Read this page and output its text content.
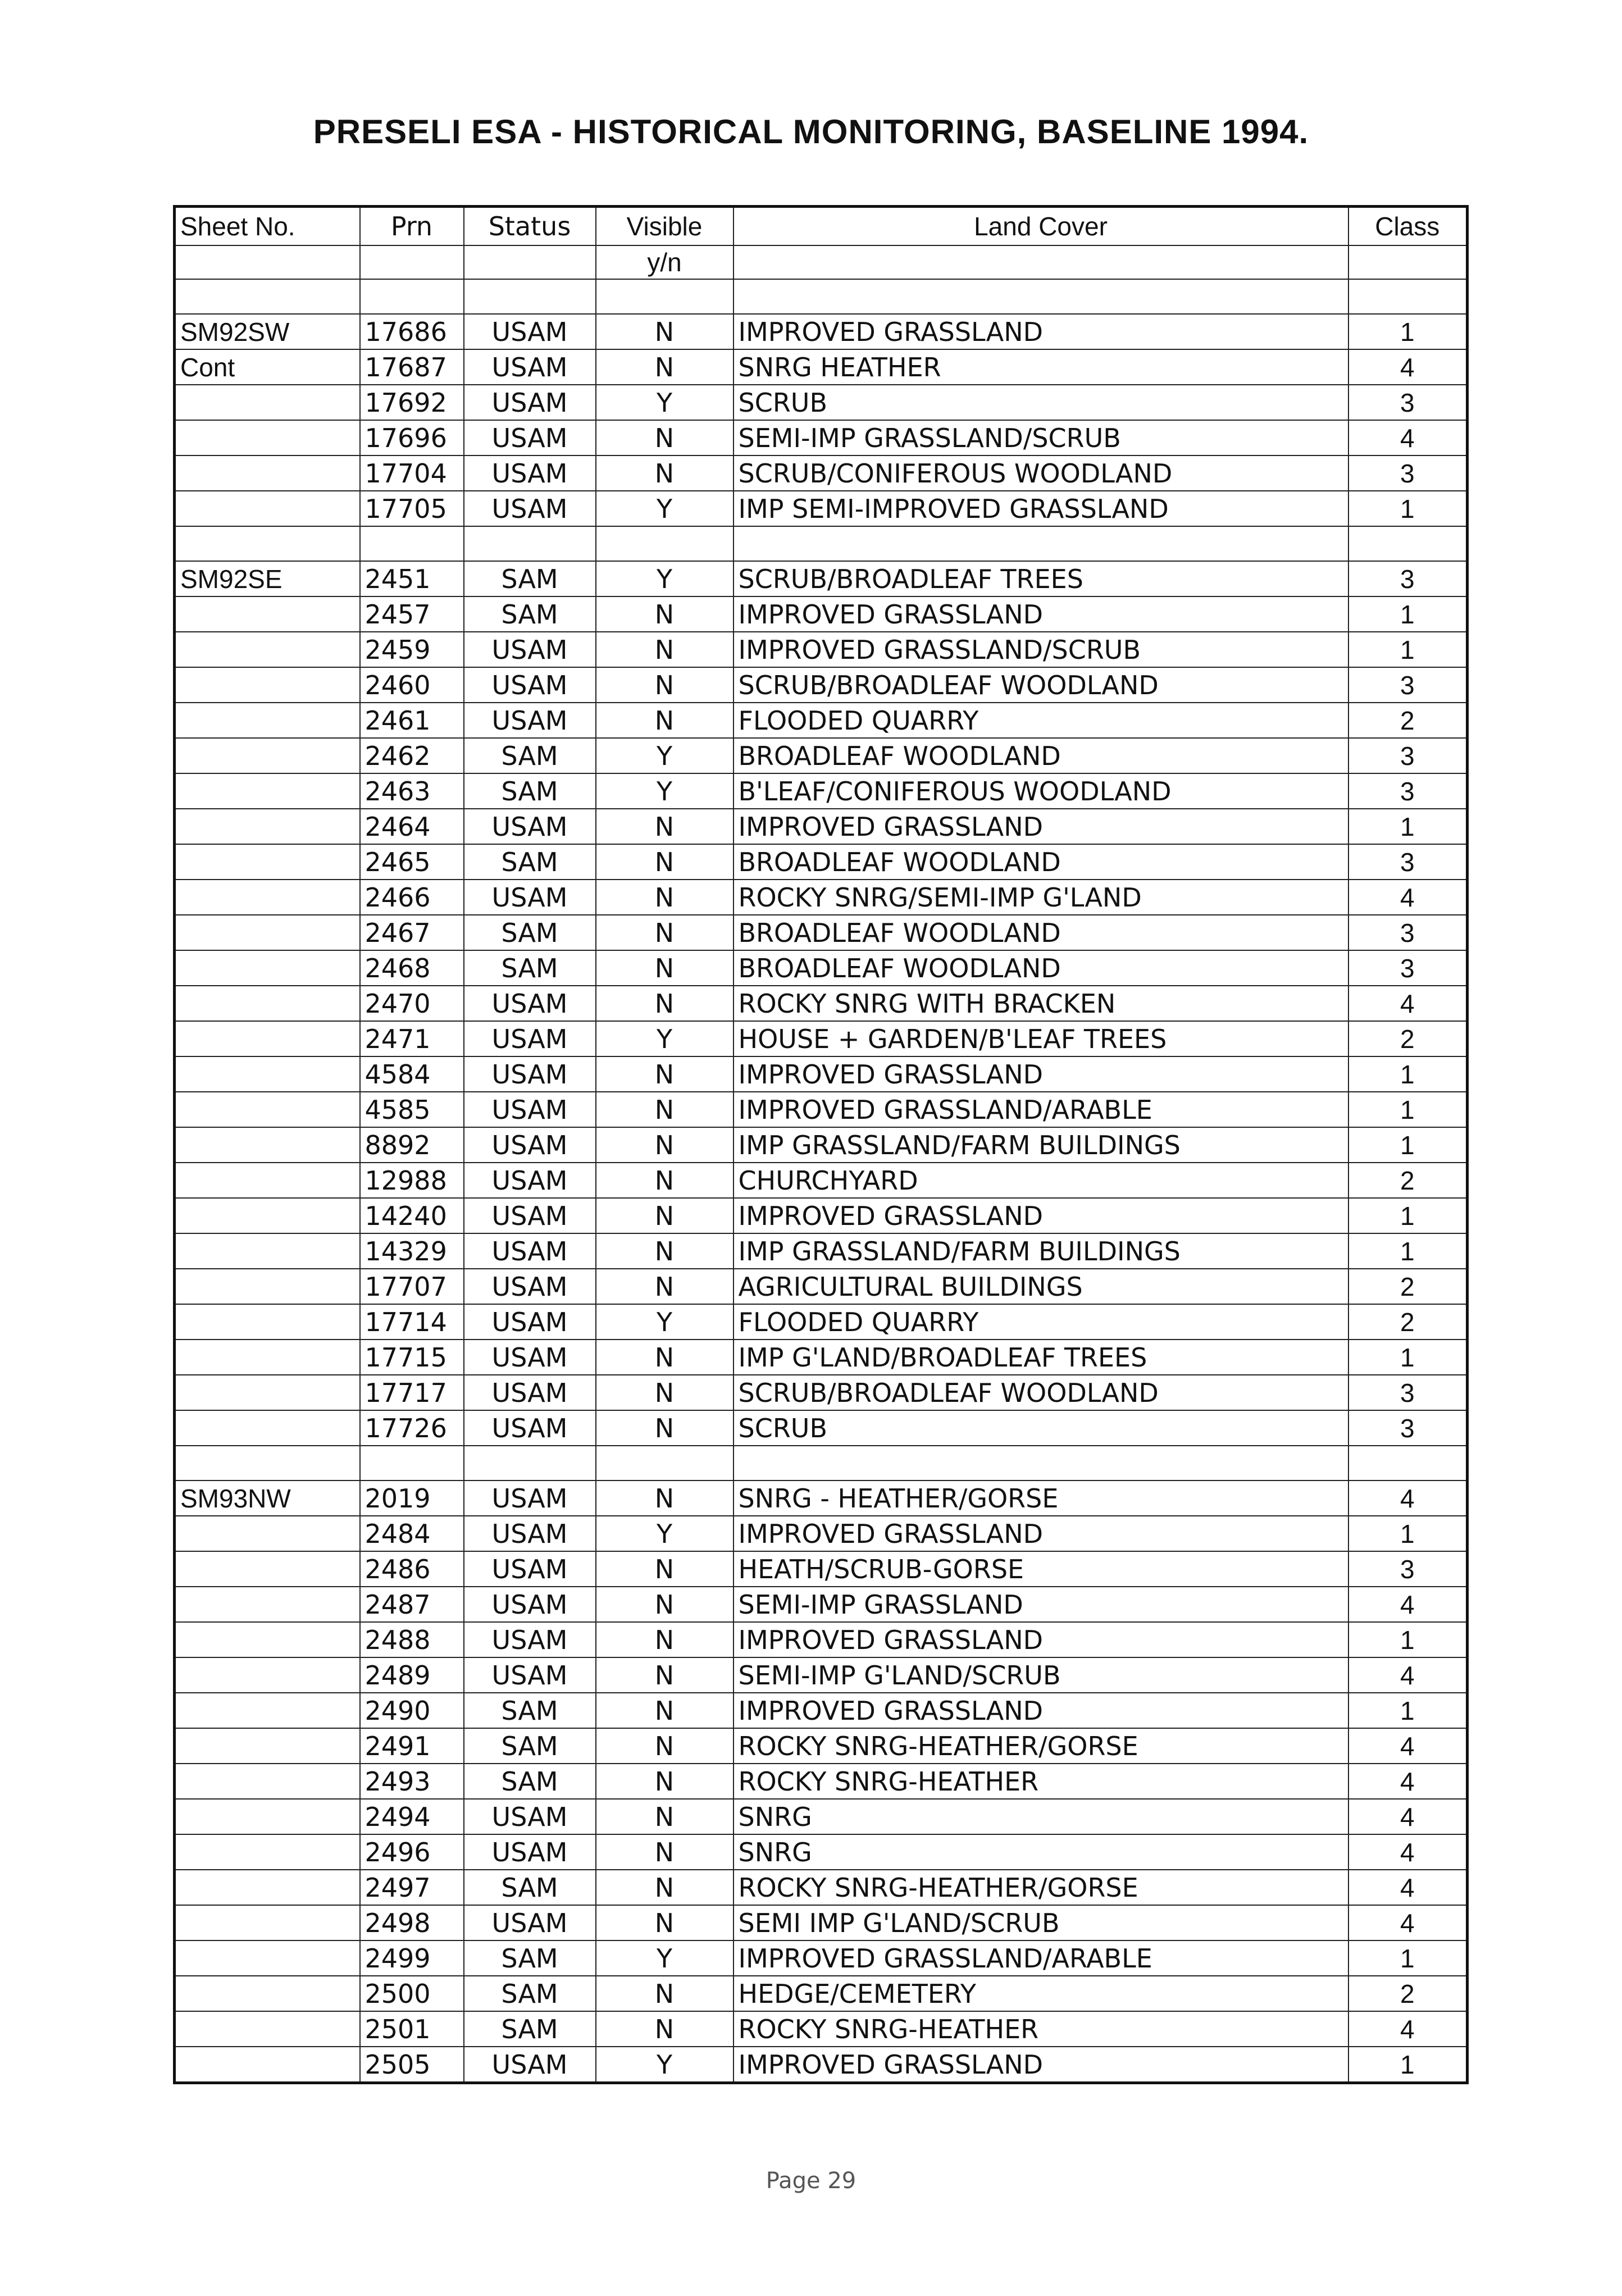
PRESELI ESA - HISTORICAL MONITORING, BASELINE 1994.
Sheet No.	Prn	Status	Visible	Land Cover	Class
			y/n		

SM92SW	17686	USAM	N	IMPROVED GRASSLAND	1
Cont	17687	USAM	N	SNRG HEATHER	4
	17692	USAM	Y	SCRUB	3
	17696	USAM	N	SEMI-IMP GRASSLAND/SCRUB	4
	17704	USAM	N	SCRUB/CONIFEROUS WOODLAND	3
	17705	USAM	Y	IMP SEMI-IMPROVED GRASSLAND	1

SM92SE	2451	SAM	Y	SCRUB/BROADLEAF TREES	3
	2457	SAM	N	IMPROVED GRASSLAND	1
	2459	USAM	N	IMPROVED GRASSLAND/SCRUB	1
	2460	USAM	N	SCRUB/BROADLEAF WOODLAND	3
	2461	USAM	N	FLOODED QUARRY	2
	2462	SAM	Y	BROADLEAF WOODLAND	3
	2463	SAM	Y	B'LEAF/CONIFEROUS WOODLAND	3
	2464	USAM	N	IMPROVED GRASSLAND	1
	2465	SAM	N	BROADLEAF WOODLAND	3
	2466	USAM	N	ROCKY SNRG/SEMI-IMP G'LAND	4
	2467	SAM	N	BROADLEAF WOODLAND	3
	2468	SAM	N	BROADLEAF WOODLAND	3
	2470	USAM	N	ROCKY SNRG WITH BRACKEN	4
	2471	USAM	Y	HOUSE + GARDEN/B'LEAF TREES	2
	4584	USAM	N	IMPROVED GRASSLAND	1
	4585	USAM	N	IMPROVED GRASSLAND/ARABLE	1
	8892	USAM	N	IMP GRASSLAND/FARM BUILDINGS	1
	12988	USAM	N	CHURCHYARD	2
	14240	USAM	N	IMPROVED GRASSLAND	1
	14329	USAM	N	IMP GRASSLAND/FARM BUILDINGS	1
	17707	USAM	N	AGRICULTURAL BUILDINGS	2
	17714	USAM	Y	FLOODED QUARRY	2
	17715	USAM	N	IMP G'LAND/BROADLEAF TREES	1
	17717	USAM	N	SCRUB/BROADLEAF WOODLAND	3
	17726	USAM	N	SCRUB	3

SM93NW	2019	USAM	N	SNRG - HEATHER/GORSE	4
	2484	USAM	Y	IMPROVED GRASSLAND	1
	2486	USAM	N	HEATH/SCRUB-GORSE	3
	2487	USAM	N	SEMI-IMP GRASSLAND	4
	2488	USAM	N	IMPROVED GRASSLAND	1
	2489	USAM	N	SEMI-IMP G'LAND/SCRUB	4
	2490	SAM	N	IMPROVED GRASSLAND	1
	2491	SAM	N	ROCKY SNRG-HEATHER/GORSE	4
	2493	SAM	N	ROCKY SNRG-HEATHER	4
	2494	USAM	N	SNRG	4
	2496	USAM	N	SNRG	4
	2497	SAM	N	ROCKY SNRG-HEATHER/GORSE	4
	2498	USAM	N	SEMI IMP G'LAND/SCRUB	4
	2499	SAM	Y	IMPROVED GRASSLAND/ARABLE	1
	2500	SAM	N	HEDGE/CEMETERY	2
	2501	SAM	N	ROCKY SNRG-HEATHER	4
	2505	USAM	Y	IMPROVED GRASSLAND	1
Page 29
